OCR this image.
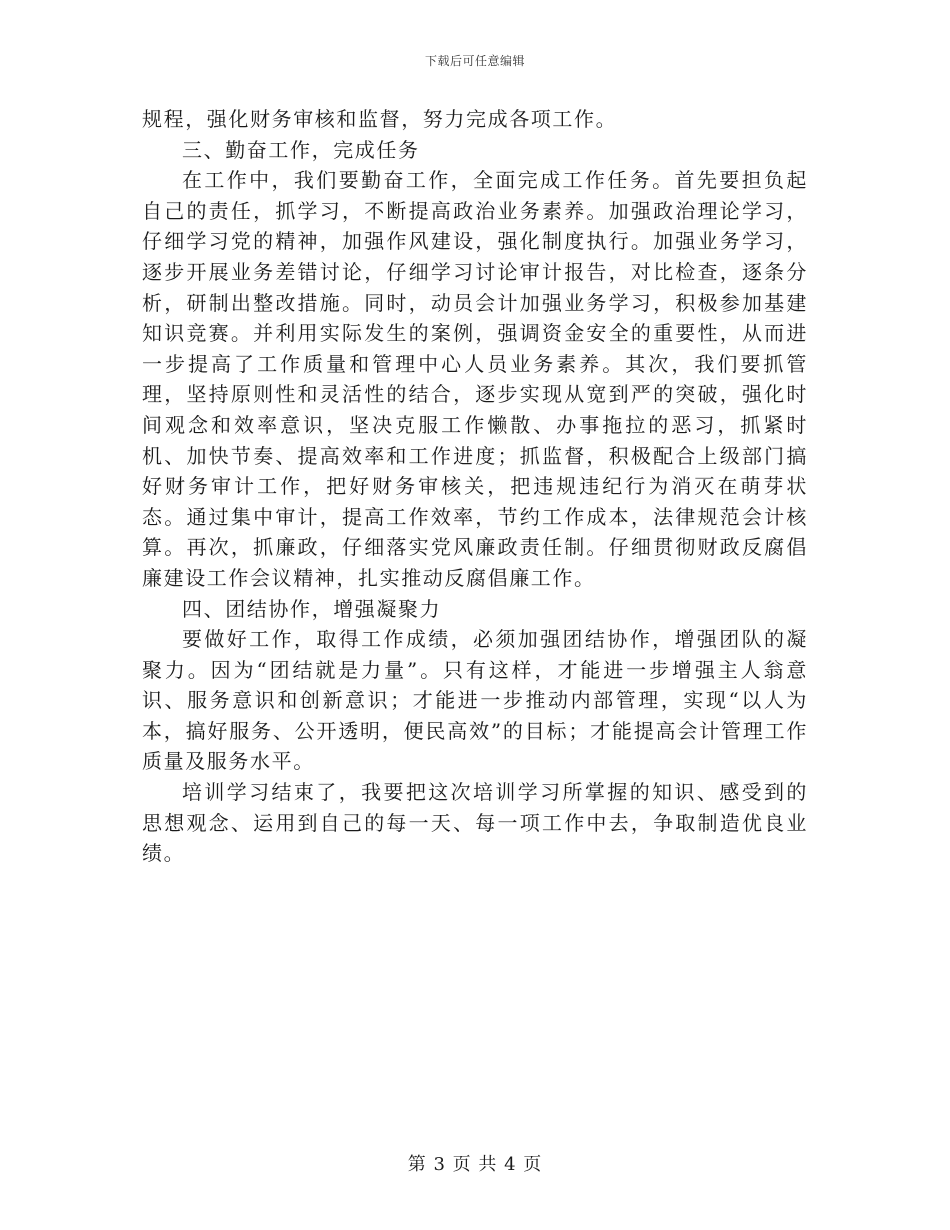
下载后可任意编辑

规程，强化财务审核和监督，努力完成各项工作。

三、勤奋工作，完成任务

在工作中，我们要勤奋工作，全面完成工作任务。首先要担负起自己的责任，抓学习，不断提高政治业务素养。加强政治理论学习，仔细学习党的精神，加强作风建设，强化制度执行。加强业务学习，逐步开展业务差错讨论，仔细学习讨论审计报告，对比检查，逐条分析，研制出整改措施。同时，动员会计加强业务学习，积极参加基建知识竞赛。并利用实际发生的案例，强调资金安全的重要性，从而进一步提高了工作质量和管理中心人员业务素养。其次，我们要抓管理，坚持原则性和灵活性的结合，逐步实现从宽到严的突破，强化时间观念和效率意识，坚决克服工作懒散、办事拖拉的恶习，抓紧时机、加快节奏、提高效率和工作进度；抓监督，积极配合上级部门搞好财务审计工作，把好财务审核关，把违规违纪行为消灭在萌芽状态。通过集中审计，提高工作效率，节约工作成本，法律规范会计核算。再次，抓廉政，仔细落实党风廉政责任制。仔细贯彻财政反腐倡廉建设工作会议精神，扎实推动反腐倡廉工作。

四、团结协作，增强凝聚力

要做好工作，取得工作成绩，必须加强团结协作，增强团队的凝聚力。因为“团结就是力量”。只有这样，才能进一步增强主人翁意识、服务意识和创新意识；才能进一步推动内部管理，实现“以人为本，搞好服务、公开透明，便民高效”的目标；才能提高会计管理工作质量及服务水平。

培训学习结束了，我要把这次培训学习所掌握的知识、感受到的思想观念、运用到自己的每一天、每一项工作中去，争取制造优良业绩。

第 3 页 共 4 页
